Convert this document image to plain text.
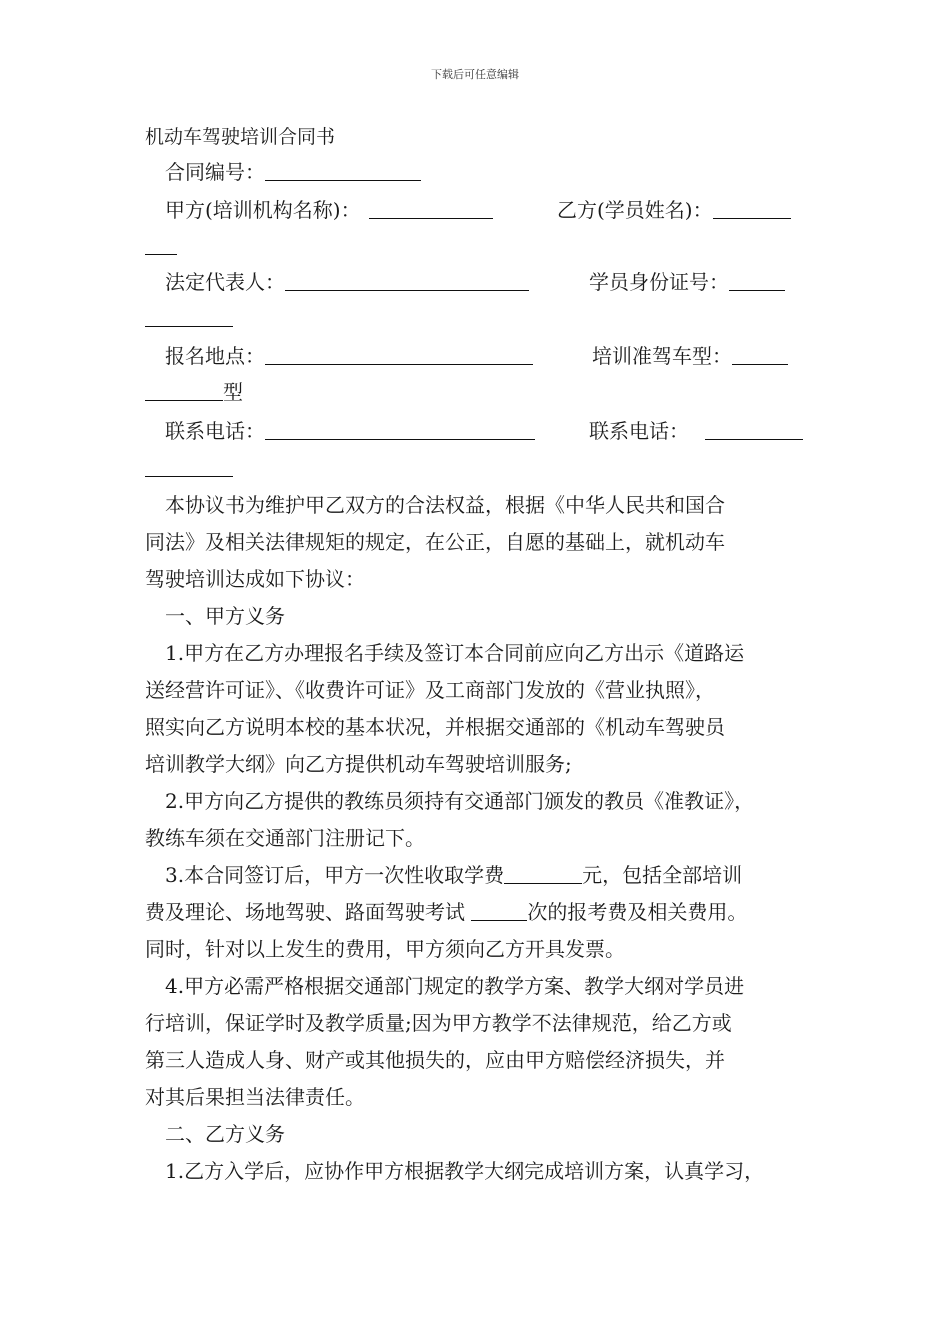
下载后可任意编辑
机动车驾驶培训合同书
合同编号：
甲方(培训机构名称)：	乙方(学员姓名)：
法定代表人：	学员身份证号：
报名地点：	培训准驾车型：
型
联系电话：	联系电话：
本协议书为维护甲乙双方的合法权益，根据《中华人民共和国合
同法》及相关法律规矩的规定，在公正，自愿的基础上，就机动车
驾驶培训达成如下协议：
一、甲方义务
1.甲方在乙方办理报名手续及签订本合同前应向乙方出示《道路运
送经营许可证》、《收费许可证》及工商部门发放的《营业执照》，
照实向乙方说明本校的基本状况，并根据交通部的《机动车驾驶员
培训教学大纲》向乙方提供机动车驾驶培训服务;
2.甲方向乙方提供的教练员须持有交通部门颁发的教员《准教证》，
教练车须在交通部门注册记下。
3.本合同签订后，甲方一次性收取学费	元，包括全部培训
费及理论、场地驾驶、路面驾驶考试	次的报考费及相关费用。
同时，针对以上发生的费用，甲方须向乙方开具发票。
4.甲方必需严格根据交通部门规定的教学方案、教学大纲对学员进
行培训，保证学时及教学质量;因为甲方教学不法律规范，给乙方或
第三人造成人身、财产或其他损失的，应由甲方赔偿经济损失，并
对其后果担当法律责任。
二、乙方义务
1.乙方入学后，应协作甲方根据教学大纲完成培训方案，认真学习，
